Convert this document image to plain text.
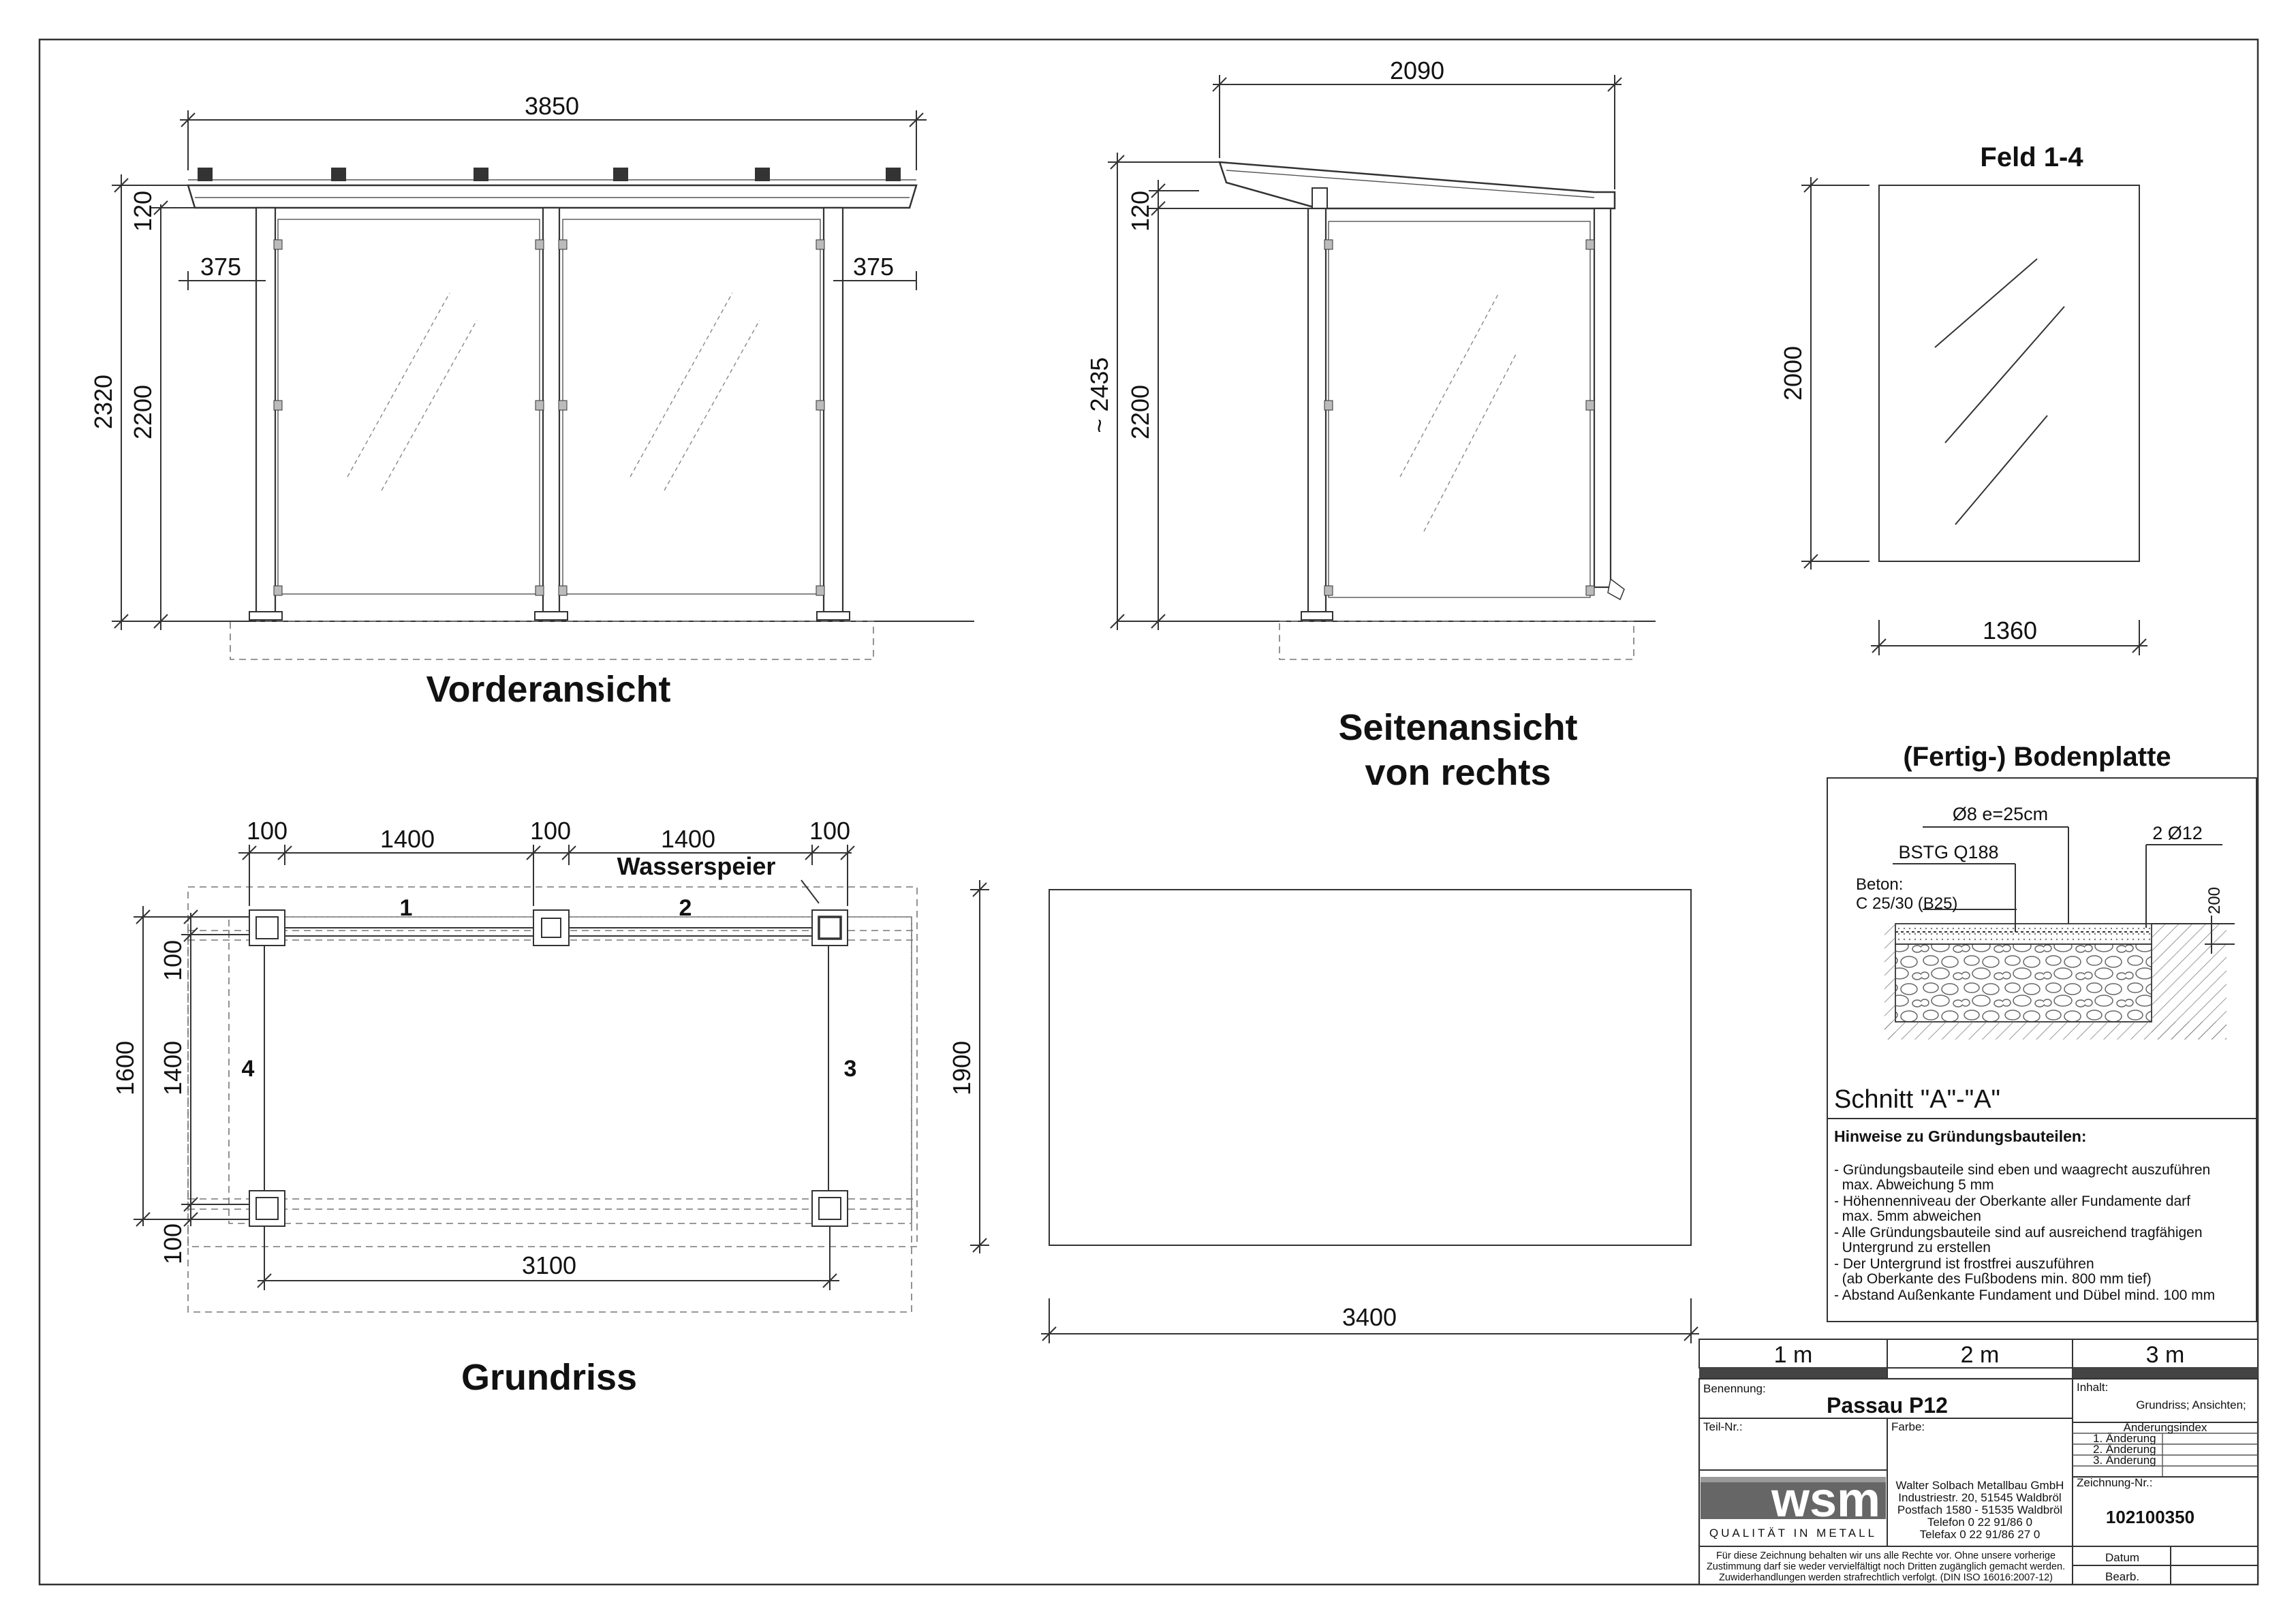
3850
375	375
2320 2200
120
Vorderansicht
2090
~ 2435 2200
120
Seitenansicht
von rechts
Feld 1-4
2000
1360
Wasserspeier
1	2
3
4
100	1400	100	1400	100
3100
1600 1400
100
100
Grundriss
1900
3400
(Fertig-) Bodenplatte
Ø8 e=25cm
2 Ø12
BSTG Q188
Beton:
C 25/30 (B25)	200
Schnitt "A"-"A"
Hinweise zu Gründungsbauteilen:
- Gründungsbauteile sind eben und waagrecht auszuführen
max. Abweichung 5 mm
- Höhennenniveau der Oberkante aller Fundamente darf
max. 5mm abweichen
- Alle Gründungsbauteile sind auf ausreichend tragfähigen
Untergrund zu erstellen
- Der Untergrund ist frostfrei auszuführen
(ab Oberkante des Fußbodens min. 800 mm tief)
- Abstand Außenkante Fundament und Dübel mind. 100 mm
1 m	2 m	3 m
Benennung:
Passau P12
Inhalt:
Grundriss; Ansichten;
Teil-Nr.:	Farbe:	Änderungsindex
1. Änderung
2. Änderung
3. Änderung
Zeichnung-Nr.:
102100350
wsm
QUALITÄT IN METALL
Walter Solbach Metallbau GmbH
Industriestr. 20, 51545 Waldbröl
Postfach 1580 - 51535 Waldbröl
Telefon 0 22 91/86 0
Telefax 0 22 91/86 27 0
Für diese Zeichnung behalten wir uns alle Rechte vor. Ohne unsere vorherige
Zustimmung darf sie weder vervielfältigt noch Dritten zugänglich gemacht werden.
Zuwiderhandlungen werden strafrechtlich verfolgt. (DIN ISO 16016:2007-12)
Datum
Bearb.
